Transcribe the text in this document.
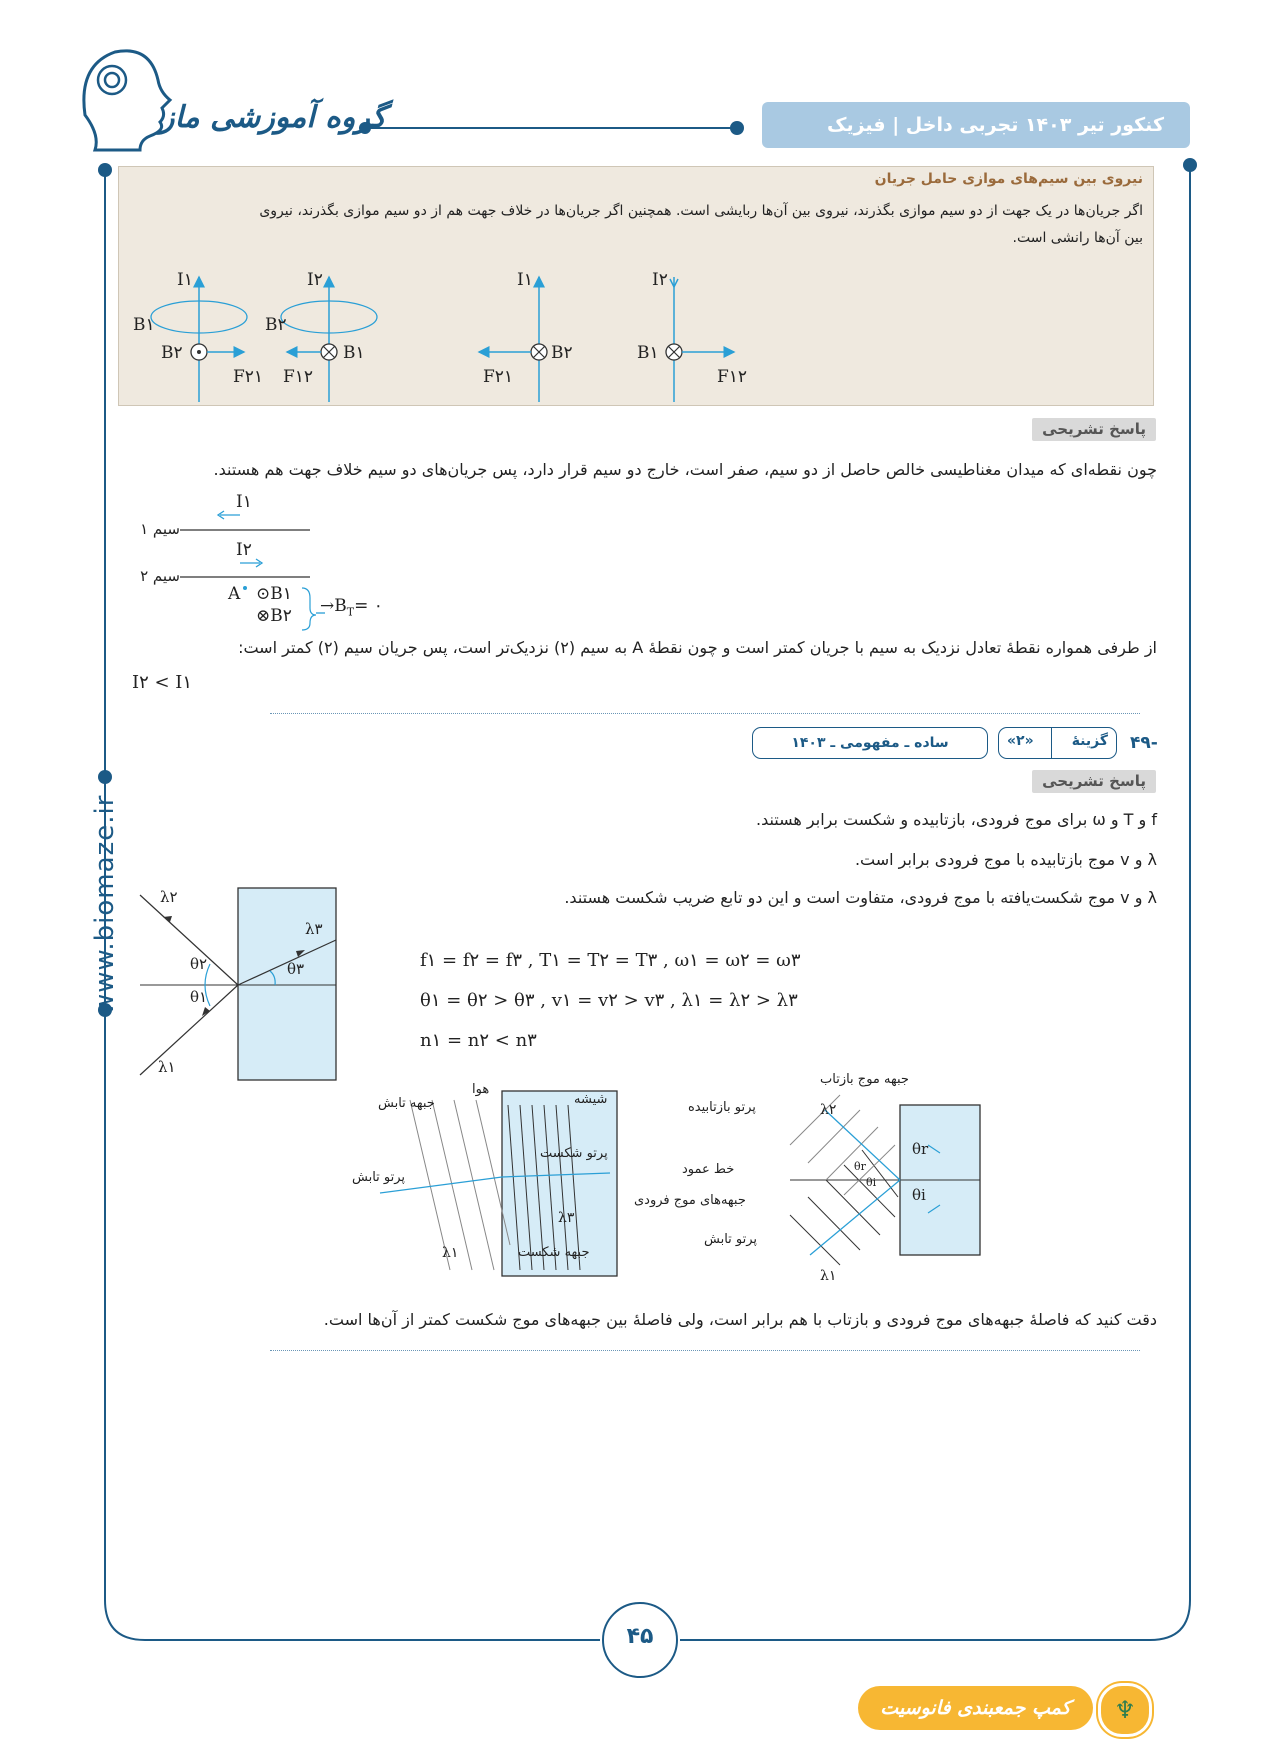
گروه آموزشی ماز	کنکور تیر ۱۴۰۳ تجربی داخل | فیزیک
www.biomaze.ir
نیروی بین سیم‌های موازی حامل جریان
اگر جریان‌ها در یک جهت از دو سیم موازی بگذرند، نیروی بین آن‌ها ربایشی است. همچنین اگر جریان‌ها در خلاف جهت هم از دو سیم موازی بگذرند، نیروی
بین آن‌ها رانشی است.
I۱	I۲	I۱	I۲
B۱	B۲
B۲	B۱	B۲	B۱
F۲۱ F۱۲	F۲۱	F۱۲
پاسخ تشریحی
چون نقطه‌ای که میدان مغناطیسی خالص حاصل از دو سیم، صفر است، خارج دو سیم قرار دارد، پس جریان‌های دو سیم خلاف جهت هم هستند.
سیم ۱
I۱
سیم ۲
I۲
A ⊙B۱
⊗B۲ $\to B_T=$ ۰
از طرفی همواره نقطهٔ تعادل نزدیک به سیم با جریان کمتر است و چون نقطهٔ A به سیم (۲) نزدیک‌تر است، پس جریان سیم (۲) کمتر است:
I۲ < I۱
۴۹-
«۲»	گزینهٔ
ساده ـ مفهومی ـ ۱۴۰۳
پاسخ تشریحی
f و T و ω برای موج فرودی، بازتابیده و شکست برابر هستند.
λ و v موج بازتابیده با موج فرودی برابر است.
λ و v موج شکست‌یافته با موج فرودی، متفاوت است و این دو تابع ضریب شکست هستند.
f۱ = f۲ = f۳ , T۱ = T۲ = T۳ , ω۱ = ω۲ = ω۳
θ۱ = θ۲ > θ۳ , v۱ = v۲ > v۳ , λ۱ = λ۲ > λ۳
n۱ = n۲ < n۳
λ۱
λ۲
λ۳
θ۱
θ۲	θ۳
هوا
شیشه
جبهه تابش
پرتو شکست
پرتو تابش
جبهه شکست
λ۱
λ۳
جبهه موج بازتاب
پرتو بازتابیده
خط عمود
جبهه‌های موج فرودی
پرتو تابش
λ۱
λ۲
θr
θi
θr
θi
دقت کنید که فاصلهٔ جبهه‌های موج فرودی و بازتاب با هم برابر است، ولی فاصلهٔ بین جبهه‌های موج شکست کمتر از آن‌ها است.
۴۵
کمپ جمعبندی فانوسیت	♆
